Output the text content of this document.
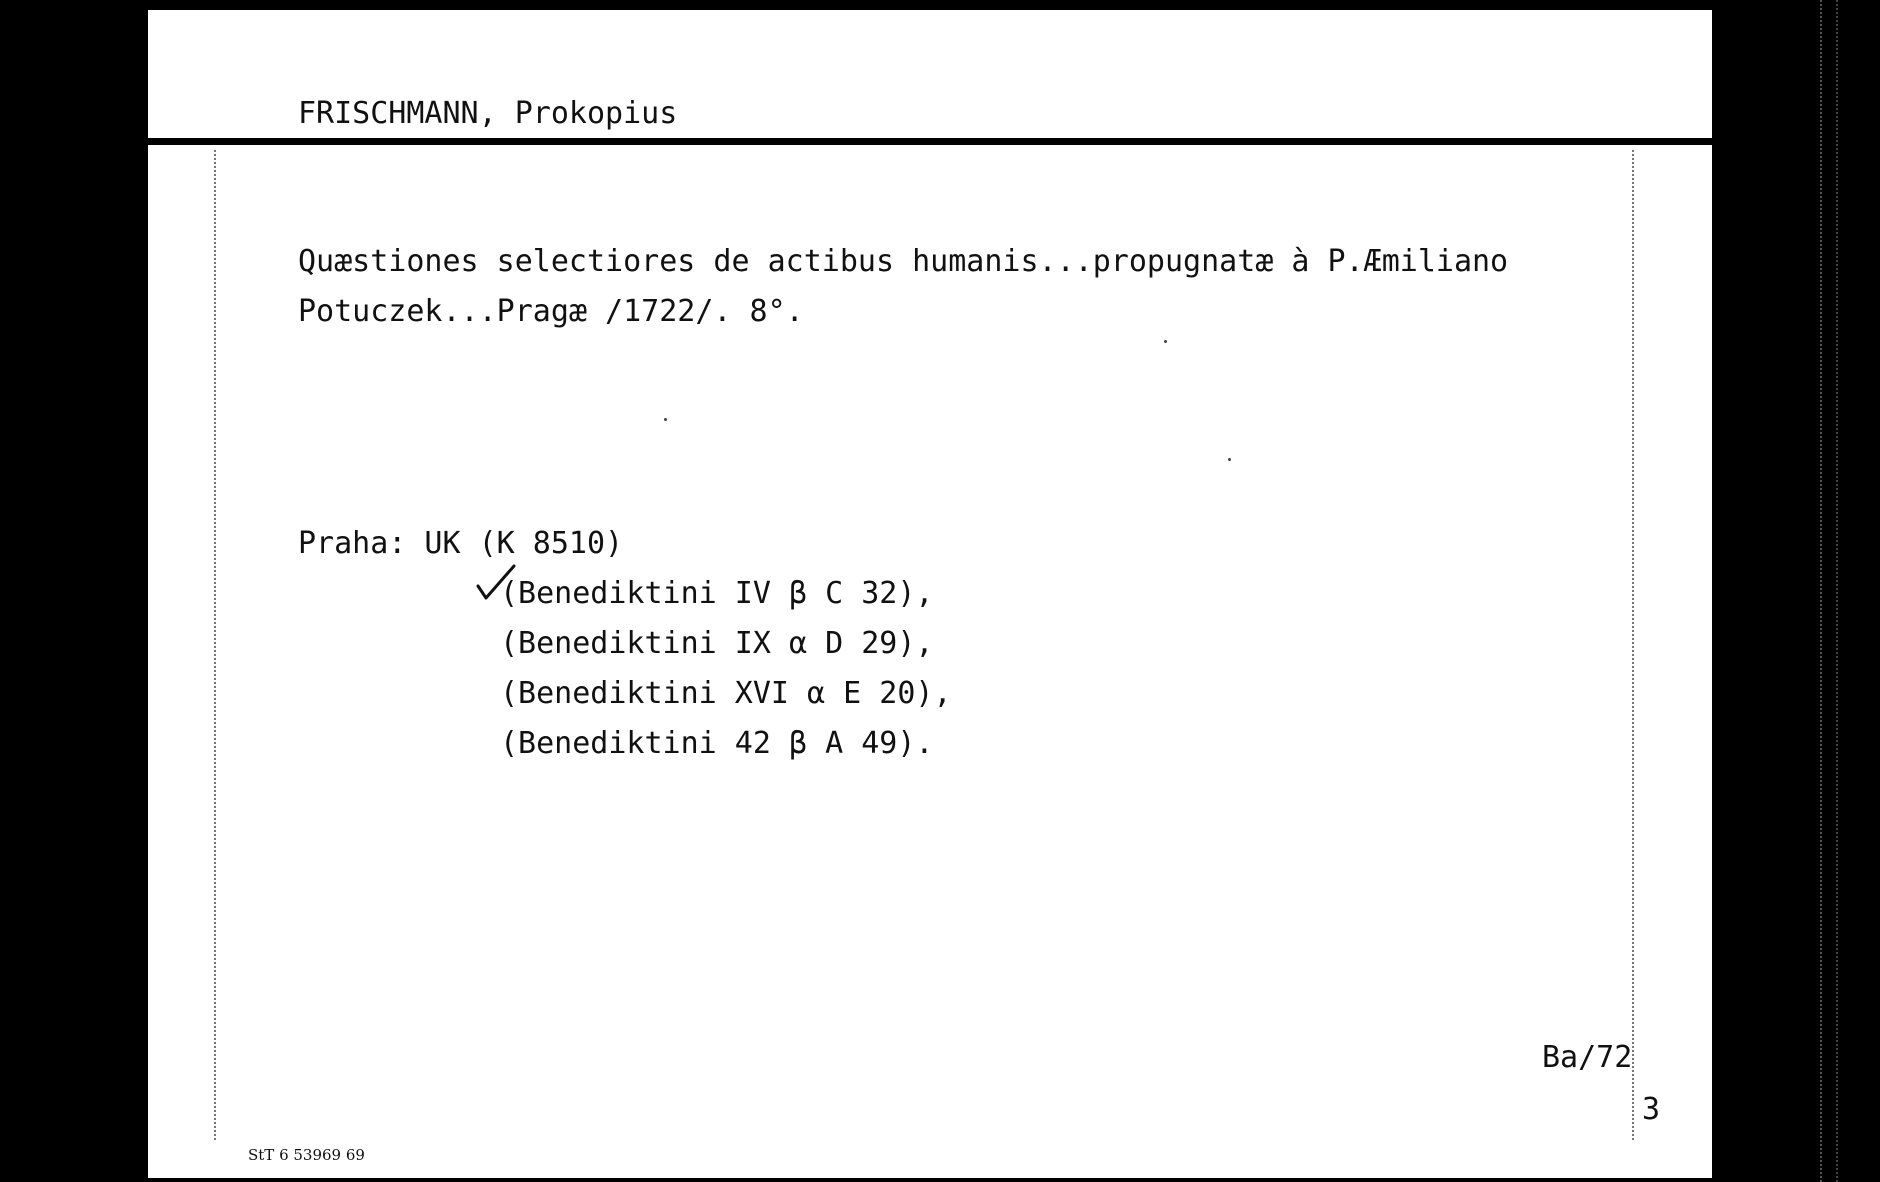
FRISCHMANN, Prokopius
Quæstiones selectiores de actibus humanis...propugnatæ à P.Æmiliano
Potuczek...Pragæ /1722/. 8°.
Praha: UK (K 8510)
(Benediktini IV β C 32),
(Benediktini IX α D 29),
(Benediktini XVI α E 20),
(Benediktini 42 β A 49).
Ba/72
3
StT 6 53969 69
